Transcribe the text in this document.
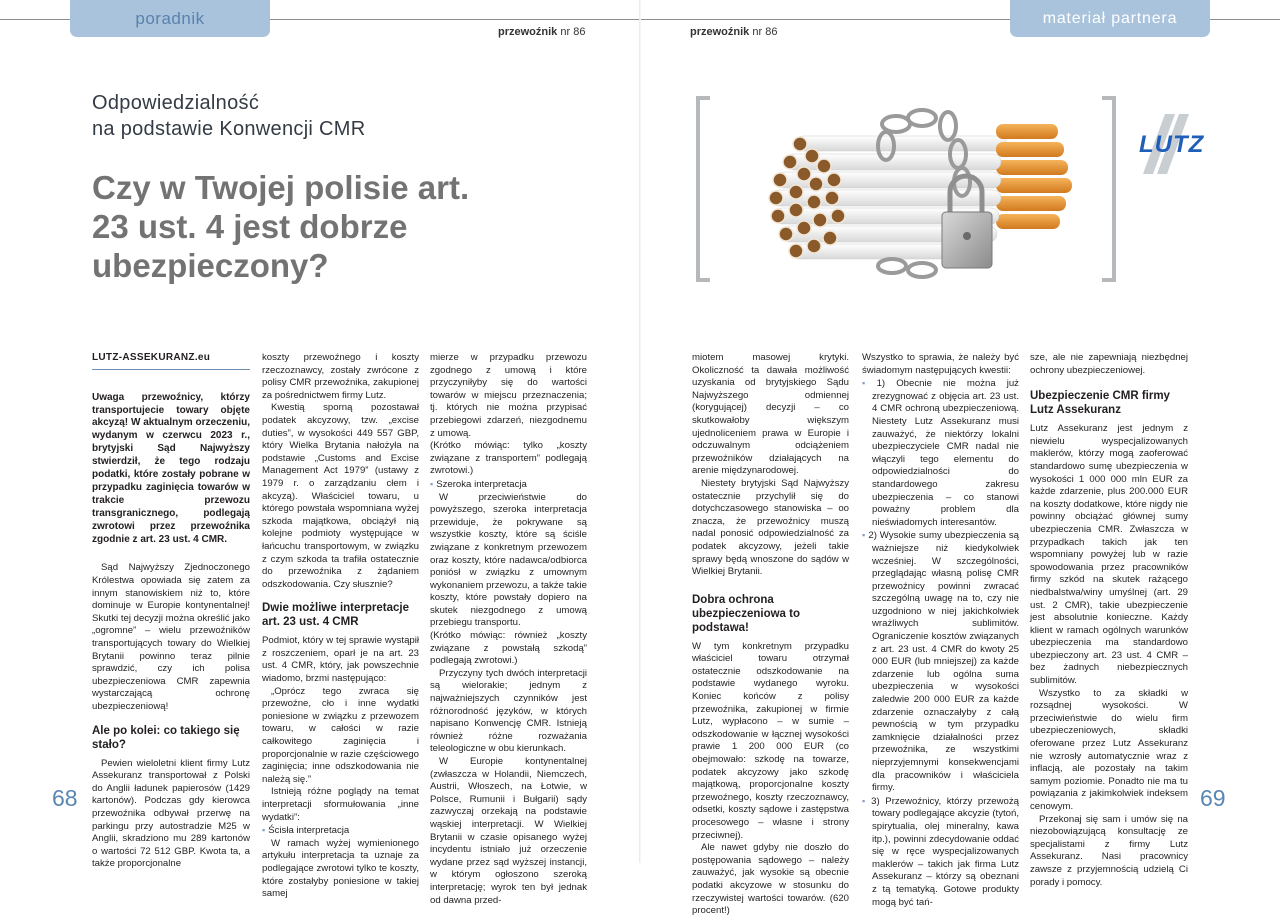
poradnik	materiał partnera
przewoźnik nr 86	przewoźnik nr 86
Odpowiedzialność
na podstawie Konwencji CMR
Czy w Twojej polisie art.
23 ust. 4 jest dobrze
ubezpieczony?
LUTZ

LUTZ-ASSEKURANZ.eu

Uwaga przewoźnicy, którzy transportujecie towary objęte akcyzą! W aktualnym orzeczeniu, wydanym w czerwcu 2023 r., brytyjski Sąd Najwyższy stwierdził, że tego rodzaju podatki, które zostały pobrane w przypadku zaginięcia towarów w trakcie przewozu transgranicznego, podlegają zwrotowi przez przewoźnika zgodnie z art. 23 ust. 4 CMR.

Sąd Najwyższy Zjednoczonego Królestwa opowiada się zatem za innym stanowiskiem niż to, które dominuje w Europie kontynentalnej! Skutki tej decyzji można określić jako „ogromne” – wielu przewoźników transportujących towary do Wielkiej Brytanii powinno teraz pilnie sprawdzić, czy ich polisa ubezpieczeniowa CMR zapewnia wystarczającą ochronę ubezpieczeniową!

Ale po kolei: co takiego się stało?

Pewien wieloletni klient firmy Lutz Assekuranz transportował z Polski do Anglii ładunek papierosów (1429 kartonów). Podczas gdy kierowca przewoźnika odbywał przerwę na parkingu przy autostradzie M25 w Anglii, skradziono mu 289 kartonów o wartości 72 512 GBP. Kwota ta, a także proporcjonalne

koszty przewoźnego i koszty rzeczoznawcy, zostały zwrócone z polisy CMR przewoźnika, zakupionej za pośrednictwem firmy Lutz.

Kwestią sporną pozostawał podatek akcyzowy, tzw. „excise duties”, w wysokości 449 557 GBP, który Wielka Brytania nałożyła na podstawie „Customs and Excise Management Act 1979” (ustawy z 1979 r. o zarządzaniu cłem i akcyzą). Właściciel towaru, u którego powstała wspomniana wyżej szkoda majątkowa, obciążył nią kolejne podmioty występujące w łańcuchu transportowym, w związku z czym szkoda ta trafiła ostatecznie do przewoźnika z żądaniem odszkodowania. Czy słusznie?

Dwie możliwe interpretacje art. 23 ust. 4 CMR

Podmiot, który w tej sprawie wystąpił z roszczeniem, oparł je na art. 23 ust. 4 CMR, który, jak powszechnie wiadomo, brzmi następująco:

„Oprócz tego zwraca się przewoźne, cło i inne wydatki poniesione w związku z przewozem towaru, w całości w razie całkowitego zaginięcia i proporcjonalnie w razie częściowego zaginięcia; inne odszkodowania nie należą się.”

Istnieją różne poglądy na temat interpretacji sformułowania „inne wydatki”:

▪ Ścisła interpretacja

W ramach wyżej wymienionego artykułu interpretacja ta uznaje za podlegające zwrotowi tylko te koszty, które zostałyby poniesione w takiej samej

mierze w przypadku przewozu zgodnego z umową i które przyczyniłyby się do wartości towarów w miejscu przeznaczenia; tj. których nie można przypisać przebiegowi zdarzeń, niezgodnemu z umową.

(Krótko mówiąc: tylko „koszty związane z transportem” podlegają zwrotowi.)

▪ Szeroka interpretacja

W przeciwieństwie do powyższego, szeroka interpretacja przewiduje, że pokrywane są wszystkie koszty, które są ściśle związane z konkretnym przewozem oraz koszty, które nadawca/odbiorca poniósł w związku z umownym wykonaniem przewozu, a także takie koszty, które powstały dopiero na skutek niezgodnego z umową przebiegu transportu.

(Krótko mówiąc: również „koszty związane z powstałą szkodą” podlegają zwrotowi.)

Przyczyny tych dwóch interpretacji są wielorakie; jednym z najważniejszych czynników jest różnorodność języków, w których napisano Konwencję CMR. Istnieją również różne rozważania teleologiczne w obu kierunkach.

W Europie kontynentalnej (zwłaszcza w Holandii, Niemczech, Austrii, Włoszech, na Łotwie, w Polsce, Rumunii i Bułgarii) sądy zazwyczaj orzekają na podstawie wąskiej interpretacji. W Wielkiej Brytanii w czasie opisanego wyżej incydentu istniało już orzeczenie wydane przez sąd wyższej instancji, w którym ogłoszono szeroką interpretację; wyrok ten był jednak od dawna przed-

miotem masowej krytyki. Okoliczność ta dawała możliwość uzyskania od brytyjskiego Sądu Najwyższego odmiennej (korygującej) decyzji – co skutkowałoby większym ujednoliceniem prawa w Europie i odczuwalnym odciążeniem przewoźników działających na arenie międzynarodowej.

Niestety brytyjski Sąd Najwyższy ostatecznie przychylił się do dotychczasowego stanowiska – oo znacza, że przewoźnicy muszą nadal ponosić odpowiedzialność za podatek akcyzowy, jeżeli takie sprawy będą wnoszone do sądów w Wielkiej Brytanii.

Dobra ochrona ubezpieczeniowa to podstawa!

W tym konkretnym przypadku właściciel towaru otrzymał ostatecznie odszkodowanie na podstawie wydanego wyroku. Koniec końców z polisy przewoźnika, zakupionej w firmie Lutz, wypłacono – w sumie – odszkodowanie w łącznej wysokości prawie 1 200 000 EUR (co obejmowało: szkodę na towarze, podatek akcyzowy jako szkodę majątkową, proporcjonalne koszty przewoźnego, koszty rzeczoznawcy, odsetki, koszty sądowe i zastępstwa procesowego – własne i strony przeciwnej).

Ale nawet gdyby nie doszło do postępowania sądowego – należy zauważyć, jak wysokie są obecnie podatki akcyzowe w stosunku do rzeczywistej wartości towarów. (620 procent!)

Wszystko to sprawia, że należy być świadomym następujących kwestii:

▪ 1) Obecnie nie można już zrezygnować z objęcia art. 23 ust. 4 CMR ochroną ubezpieczeniową. Niestety Lutz Assekuranz musi zauważyć, że niektórzy lokalni ubezpieczyciele CMR nadal nie włączyli tego elementu do odpowiedzialności do standardowego zakresu ubezpieczenia – co stanowi poważny problem dla nieświadomych interesantów.

▪ 2) Wysokie sumy ubezpieczenia są ważniejsze niż kiedykolwiek wcześniej. W szczególności, przeglądając własną polisę CMR przewoźnicy powinni zwracać szczególną uwagę na to, czy nie uzgodniono w niej jakichkolwiek wrażliwych sublimitów. Ograniczenie kosztów związanych z art. 23 ust. 4 CMR do kwoty 25 000 EUR (lub mniejszej) za każde zdarzenie lub ogólna suma ubezpieczenia w wysokości zaledwie 200 000 EUR za każde zdarzenie oznaczałyby z całą pewnością w tym przypadku zamknięcie działalności przez przewoźnika, ze wszystkimi nieprzyjemnymi konsekwencjami dla pracowników i właściciela firmy.

▪ 3) Przewoźnicy, którzy przewożą towary podlegające akcyzie (tytoń, spirytualia, olej mineralny, kawa itp.), powinni zdecydowanie oddać się w ręce wyspecjalizowanych maklerów – takich jak firma Lutz Assekuranz – którzy są obeznani z tą tematyką. Gotowe produkty mogą być tań-

sze, ale nie zapewniają niezbędnej ochrony ubezpieczeniowej.

Ubezpieczenie CMR firmy Lutz Assekuranz

Lutz Assekuranz jest jednym z niewielu wyspecjalizowanych maklerów, którzy mogą zaoferować standardowo sumę ubezpieczenia w wysokości 1 000 000 mln EUR za każde zdarzenie, plus 200.000 EUR na koszty dodatkowe, które nigdy nie powinny obciążać głównej sumy ubezpieczenia CMR. Zwłaszcza w przypadkach takich jak ten wspomniany powyżej lub w razie spowodowania przez pracowników firmy szkód na skutek rażącego niedbalstwa/winy umyślnej (art. 29 ust. 2 CMR), takie ubezpieczenie jest absolutnie konieczne. Każdy klient w ramach ogólnych warunków ubezpieczenia ma standardowo ubezpieczony art. 23 ust. 4 CMR – bez żadnych niebezpiecznych sublimitów.

Wszystko to za składki w rozsądnej wysokości. W przeciwieństwie do wielu firm ubezpieczeniowych, składki oferowane przez Lutz Assekuranz nie wzrosły automatycznie wraz z inflacją, ale pozostały na takim samym poziomie. Ponadto nie ma tu powiązania z jakimkolwiek indeksem cenowym.

Przekonaj się sam i umów się na niezobowiązującą konsultację ze specjalistami z firmy Lutz Assekuranz. Nasi pracownicy zawsze z przyjemnością udzielą Ci porady i pomocy.

68	69
